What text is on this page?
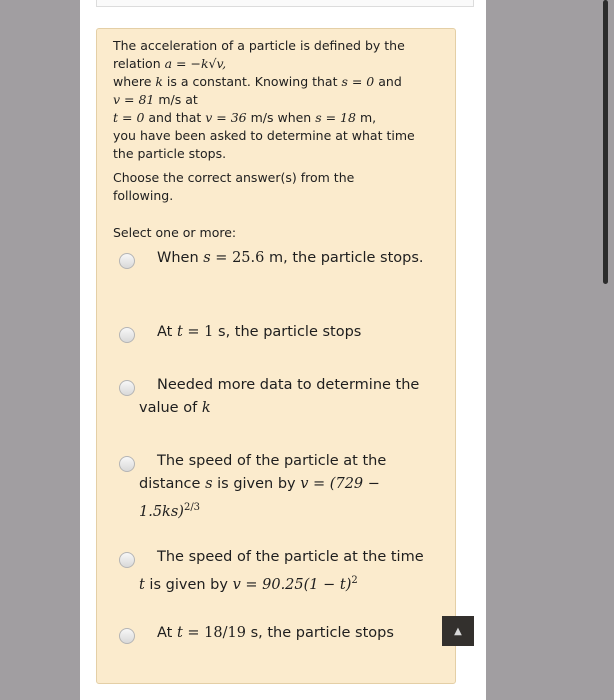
The acceleration of a particle is defined by the

relation a = −k√v,

where k is a constant. Knowing that s = 0 and

v = 81 m/s at

t = 0 and that v = 36 m/s when s = 18 m,

you have been asked to determine at what time

the particle stops.

Choose the correct answer(s) from the

following.

Select one or more:
When s = 25.6 m, the particle stops.
At t = 1 s, the particle stops
Needed more data to determine the value of k
The speed of the particle at the distance s is given by $v = (729 - 1.5ks)^{2/3}$
The speed of the particle at the time t is given by $v = 90.25(1 - t)^2$
At t = 18/19 s, the particle stops	▲
